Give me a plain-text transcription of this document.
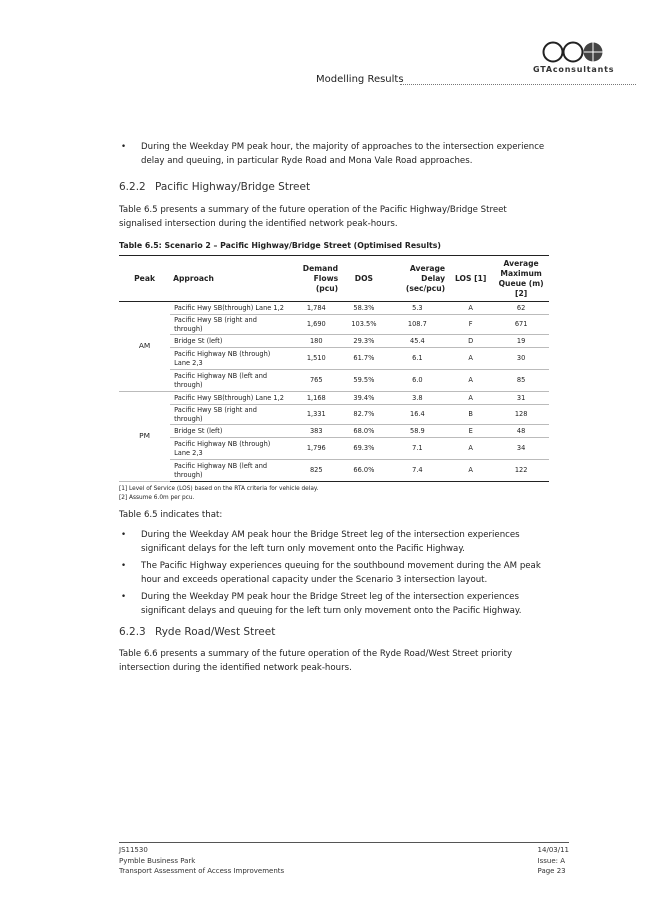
GTAconsultants
Modelling Results
• During the Weekday PM peak hour, the majority of approaches to the intersection experience delay and queuing, in particular Ryde Road and Mona Vale Road approaches.
6.2.2 Pacific Highway/Bridge Street

Table 6.5 presents a summary of the future operation of the Pacific Highway/Bridge Street signalised intersection during the identified network peak-hours.

Table 6.5: Scenario 2 – Pacific Highway/Bridge Street (Optimised Results)

Peak	Approach	Demand Flows (pcu)	DOS	Average Delay (sec/pcu)	LOS [1]	Average Maximum Queue (m) [2]
AM	Pacific Hwy SB(through) Lane 1,2	1,784	58.3%	5.3	A	62
	Pacific Hwy SB (right and through)	1,690	103.5%	108.7	F	671
	Bridge St (left)	180	29.3%	45.4	D	19
	Pacific Highway NB (through) Lane 2,3	1,510	61.7%	6.1	A	30
	Pacific Highway NB (left and through)	765	59.5%	6.0	A	85
PM	Pacific Hwy SB(through) Lane 1,2	1,168	39.4%	3.8	A	31
	Pacific Hwy SB (right and through)	1,331	82.7%	16.4	B	128
	Bridge St (left)	383	68.0%	58.9	E	48
	Pacific Highway NB (through) Lane 2,3	1,796	69.3%	7.1	A	34
	Pacific Highway NB (left and through)	825	66.0%	7.4	A	122
[1] Level of Service (LOS) based on the RTA criteria for vehicle delay.
[2] Assume 6.0m per pcu.

Table 6.5 indicates that:

• During the Weekday AM peak hour the Bridge Street leg of the intersection experiences significant delays for the left turn only movement onto the Pacific Highway.
• The Pacific Highway experiences queuing for the southbound movement during the AM peak hour and exceeds operational capacity under the Scenario 3 intersection layout.
• During the Weekday PM peak hour the Bridge Street leg of the intersection experiences significant delays and queuing for the left turn only movement onto the Pacific Highway.
6.2.3 Ryde Road/West Street

Table 6.6 presents a summary of the future operation of the Ryde Road/West Street priority intersection during the identified network peak-hours.

JS11530
Pymble Business Park
Transport Assessment of Access Improvements
14/03/11
Issue: A
Page 23
